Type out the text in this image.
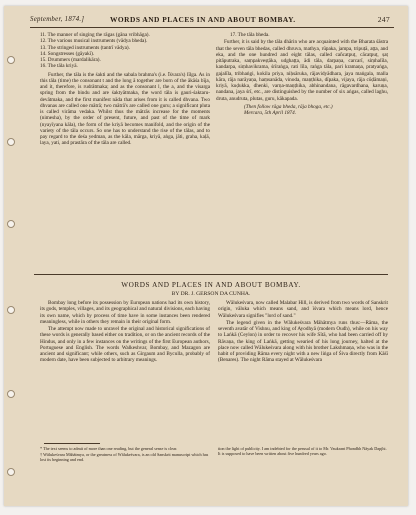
September, 1874.]	WORDS AND PLACES IN AND ABOUT BOMBAY.	247
11. The manner of singing the rāgas (gāna vribhāga).
12. The various musical instruments (vādya bheda).
13. The stringed instruments (tantrī vādya).
14. Songstresses (gāyakī).
15. Drummers (mardalikāra).
16. The tāla kriyā.

Further, the tāla is the śakti and the sabala brahma's (i.e. Īśvara's) līlga. As in this tāla (time) the consonant t and the long ā together are born of the ākāśa bīja, and it, therefore, is rudrātmaka; and as the consonant l, the a, and the visarga spring from the bindu and are śaktyātmaka, the word tāla is gauri-śaktaru-devātmaka, and the first manifest nāda that arises from it is called dhvana. Two dhvanas are called one mātrā; two mātrā's are called one guru; a significant pluta is called virāma vedaka. Whilst thus the mātrās increase for the moments (nimesha), by the order of present, future, and past of the time of mark (nyayīyana kāla), the form of the kriyā becomes manifold, and the origin of the variety of the tāla occurs. So one has to understand the rise of the tālas, and to pay regard to the deśa yedman, as the kāla, mārga, kriyā, aṅga, jāti, graha, kaḷā, laya, yati, and prastāra of the tāla are called.

17. The tāla bheda.

Further, it is said by the tāla dhārin who are acquainted with the Bharata śāstra that the seven tāla bhedas, called dhruva, mathya, rūpaka, jampa, tripuṭā, aṭṭa, and eka, and the one hundred and eight tālas, called cañcatpuṭ, cācatpuṭ, ṣaṭ pitāputraka, saṃpakveṣṭāka, udghaṭṭa, ādi tāla, darpaṇa, carcarī, siṃhalīla, kandarpa, siṃhavikrama, śrīraṅga, rati līla, raṅga tāla, pari kramaṇa, pratyaṅga, gajalīla, tribhaṅgi, kokila priya, niḥsāruka, rājavidyādhara, jaya maṅgala, malla kāra, rāja narāyaṇa, haṃsanāda, vinoda, maṇṭhika, dīpaka, vijaya, rāja cūḍāmaṇi, kriyā, kuḍukka, dhenki, varṇa-maṇṭhika, abhinandana, rāgavardhana, karuṇa, nandana, jaya śrī, etc., are distinguished by the number of six aṅgas, called laghu, druta, anudruta, plutas, guru, kākapada.

(Then follow rāga bheda, rāja bhoga, etc.)
Mercara, 5th April 1874.

WORDS AND PLACES IN AND ABOUT BOMBAY.
BY DR. J. GERSON DA CUNHA.

Bombay long before its possession by European nations had its own history, its gods, temples, villages, and its geographical and natural divisions, each having its own name, which by process of time have in some instances been rendered meaningless, while in others they remain in their original form.

The attempt now made to unravel the original and historical significations of these words is generally based either on tradition, or on the ancient records of the Hindus, and only in a few instances on the writings of the first European authors, Portuguese and English. The words Walkeshvar, Bombay, and Mazagon are ancient and significant; while others, such as Girgaum and Byculla, probably of modern date, have been subjected to arbitrary meanings.

Wālukeśvara, now called Malabar Hill, is derived from two words of Sanskrit origin, vāluka which means sand, and īśvara which means lord, hence Wālukeśvara signifies "lord of sand."

The legend given in the Wālukeśvara Māhātmya runs thus:—Rāma, the seventh avatār of Vishnu, and king of Ayodhyā (modern Oudh), while on his way to Laṅkā (Ceylon) in order to recover his wife Sītā, who had been carried off by Rāvaṇa, the king of Laṅkā, getting wearied of his long journey, halted at the place now called Wālukeśvara along with his brother Lakshmaṇa, who was in the habit of providing Rāma every night with a new liṅga of Śiva directly from Kāśī (Benares). The night Rāma stayed at Wālukeśvara

* The text seems to admit of more than one reading, but the general sense is clear.

† Wālukeśvara Māhātmya, or the greatness of Wālukeśvara, is an old Sanskrit manuscript which has lost its beginning and end.

tion the light of publicity. I am indebted for the perusal of it to Mr. Vaukrant Phondbh Nāyak Dapjhi. It is supposed to have been written about five hundred years ago.
